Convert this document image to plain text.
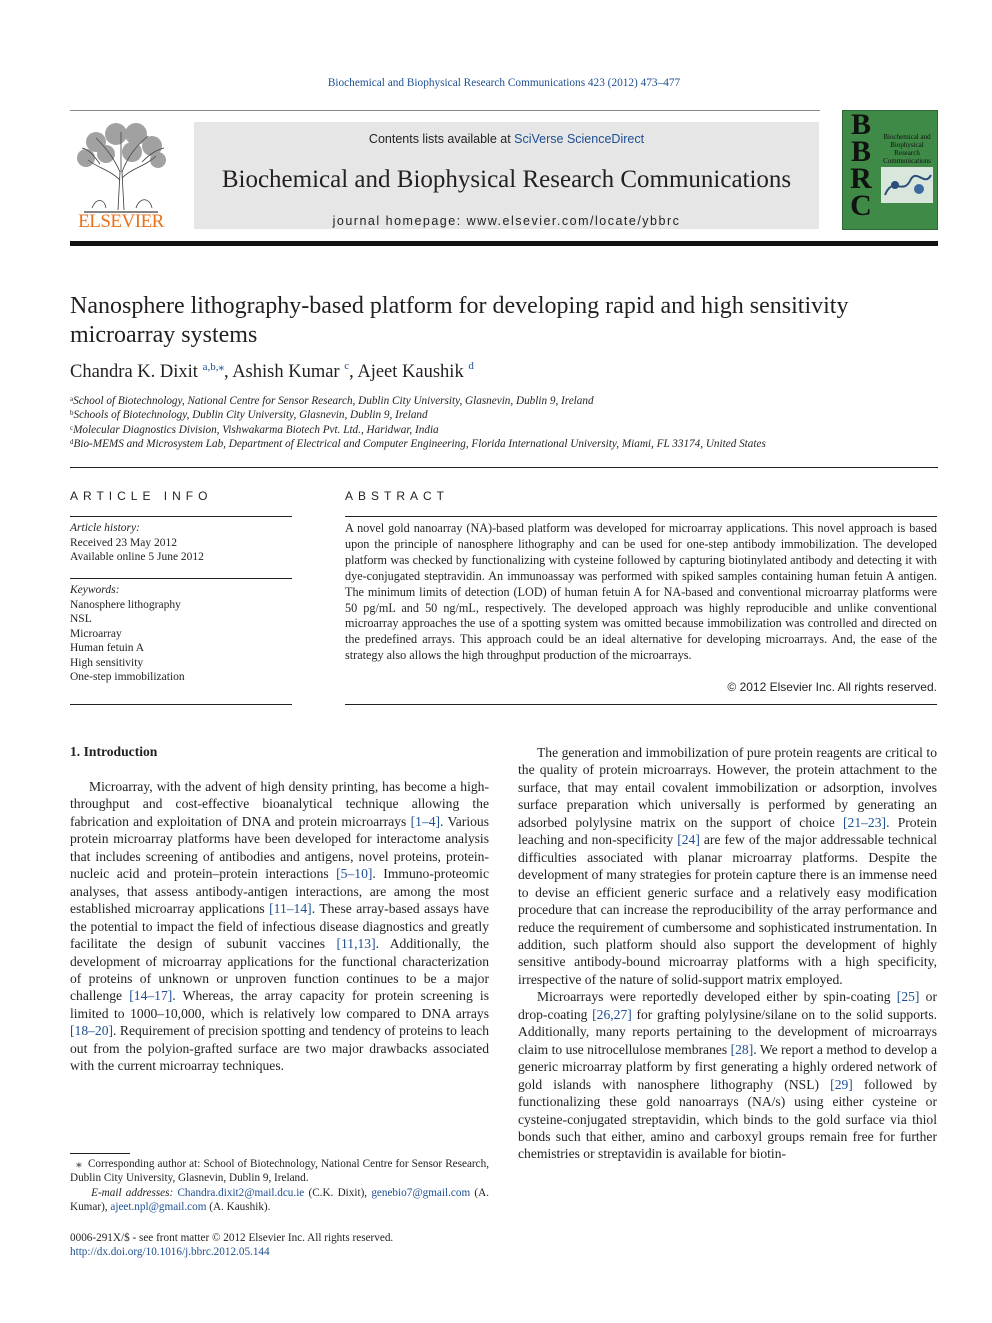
Biochemical and Biophysical Research Communications 423 (2012) 473–477
ELSEVIER
Contents lists available at SciVerse ScienceDirect
Biochemical and Biophysical Research Communications
journal homepage: www.elsevier.com/locate/ybbrc
B
B
R
C
Biochemical and Biophysical Research Communications
Nanosphere lithography-based platform for developing rapid and high sensitivity microarray systems
Chandra K. Dixit $^{a,b,⁎}$, Ashish Kumar $^c$, Ajeet Kaushik $^d$
$^a$School of Biotechnology, National Centre for Sensor Research, Dublin City University, Glasnevin, Dublin 9, Ireland
$^b$Schools of Biotechnology, Dublin City University, Glasnevin, Dublin 9, Ireland
$^c$Molecular Diagnostics Division, Vishwakarma Biotech Pvt. Ltd., Haridwar, India
$^d$Bio-MEMS and Microsystem Lab, Department of Electrical and Computer Engineering, Florida International University, Miami, FL 33174, United States
ARTICLE INFO
Article history:
Received 23 May 2012
Available online 5 June 2012
Keywords:
Nanosphere lithography
NSL
Microarray
Human fetuin A
High sensitivity
One-step immobilization
ABSTRACT
A novel gold nanoarray (NA)-based platform was developed for microarray applications. This novel approach is based upon the principle of nanosphere lithography and can be used for one-step antibody immobilization. The developed platform was checked by functionalizing with cysteine followed by capturing biotinylated antibody and detecting it with dye-conjugated steptravidin. An immunoassay was performed with spiked samples containing human fetuin A antigen. The minimum limits of detection (LOD) of human fetuin A for NA-based and conventional microarray platforms were 50 pg/mL and 50 ng/mL, respectively. The developed approach was highly reproducible and unlike conventional microarray approaches the use of a spotting system was omitted because immobilization was controlled and directed on the predefined arrays. This approach could be an ideal alternative for developing microarrays. And, the ease of the strategy also allows the high throughput production of the microarrays.
© 2012 Elsevier Inc. All rights reserved.
1. Introduction

Microarray, with the advent of high density printing, has become a high-throughput and cost-effective bioanalytical technique allowing the fabrication and exploitation of DNA and protein microarrays [1–4]. Various protein microarray platforms have been developed for interactome analysis that includes screening of antibodies and antigens, novel proteins, protein-nucleic acid and protein–protein interactions [5–10]. Immuno-proteomic analyses, that assess antibody-antigen interactions, are among the most established microarray applications [11–14]. These array-based assays have the potential to impact the field of infectious disease diagnostics and greatly facilitate the design of subunit vaccines [11,13]. Additionally, the development of microarray applications for the functional characterization of proteins of unknown or unproven function continues to be a major challenge [14–17]. Whereas, the array capacity for protein screening is limited to 1000–10,000, which is relatively low compared to DNA arrays [18–20]. Requirement of precision spotting and tendency of proteins to leach out from the polyion-grafted surface are two major drawbacks associated with the current microarray techniques.

The generation and immobilization of pure protein reagents are critical to the quality of protein microarrays. However, the protein attachment to the surface, that may entail covalent immobilization or adsorption, involves surface preparation which universally is performed by generating an adsorbed polylysine matrix on the support of choice [21–23]. Protein leaching and non-specificity [24] are few of the major addressable technical difficulties associated with planar microarray platforms. Despite the development of many strategies for protein capture there is an immense need to devise an efficient generic surface and a relatively easy modification procedure that can increase the reproducibility of the array performance and reduce the requirement of cumbersome and sophisticated instrumentation. In addition, such platform should also support the development of highly sensitive antibody-bound microarray platforms with a high specificity, irrespective of the nature of solid-support matrix employed.

Microarrays were reportedly developed either by spin-coating [25] or drop-coating [26,27] for grafting polylysine/silane on to the solid supports. Additionally, many reports pertaining to the development of microarrays claim to use nitrocellulose membranes [28]. We report a method to develop a generic microarray platform by first generating a highly ordered network of gold islands with nanosphere lithography (NSL) [29] followed by functionalizing these gold nanoarrays (NA/s) using either cysteine or cysteine-conjugated streptavidin, which binds to the gold surface via thiol bonds such that either, amino and carboxyl groups remain free for further chemistries or streptavidin is available for biotin-

⁎ Corresponding author at: School of Biotechnology, National Centre for Sensor Research, Dublin City University, Glasnevin, Dublin 9, Ireland.
E-mail addresses: Chandra.dixit2@mail.dcu.ie (C.K. Dixit), genebio7@gmail.com (A. Kumar), ajeet.npl@gmail.com (A. Kaushik).
0006-291X/$ - see front matter © 2012 Elsevier Inc. All rights reserved.
http://dx.doi.org/10.1016/j.bbrc.2012.05.144
